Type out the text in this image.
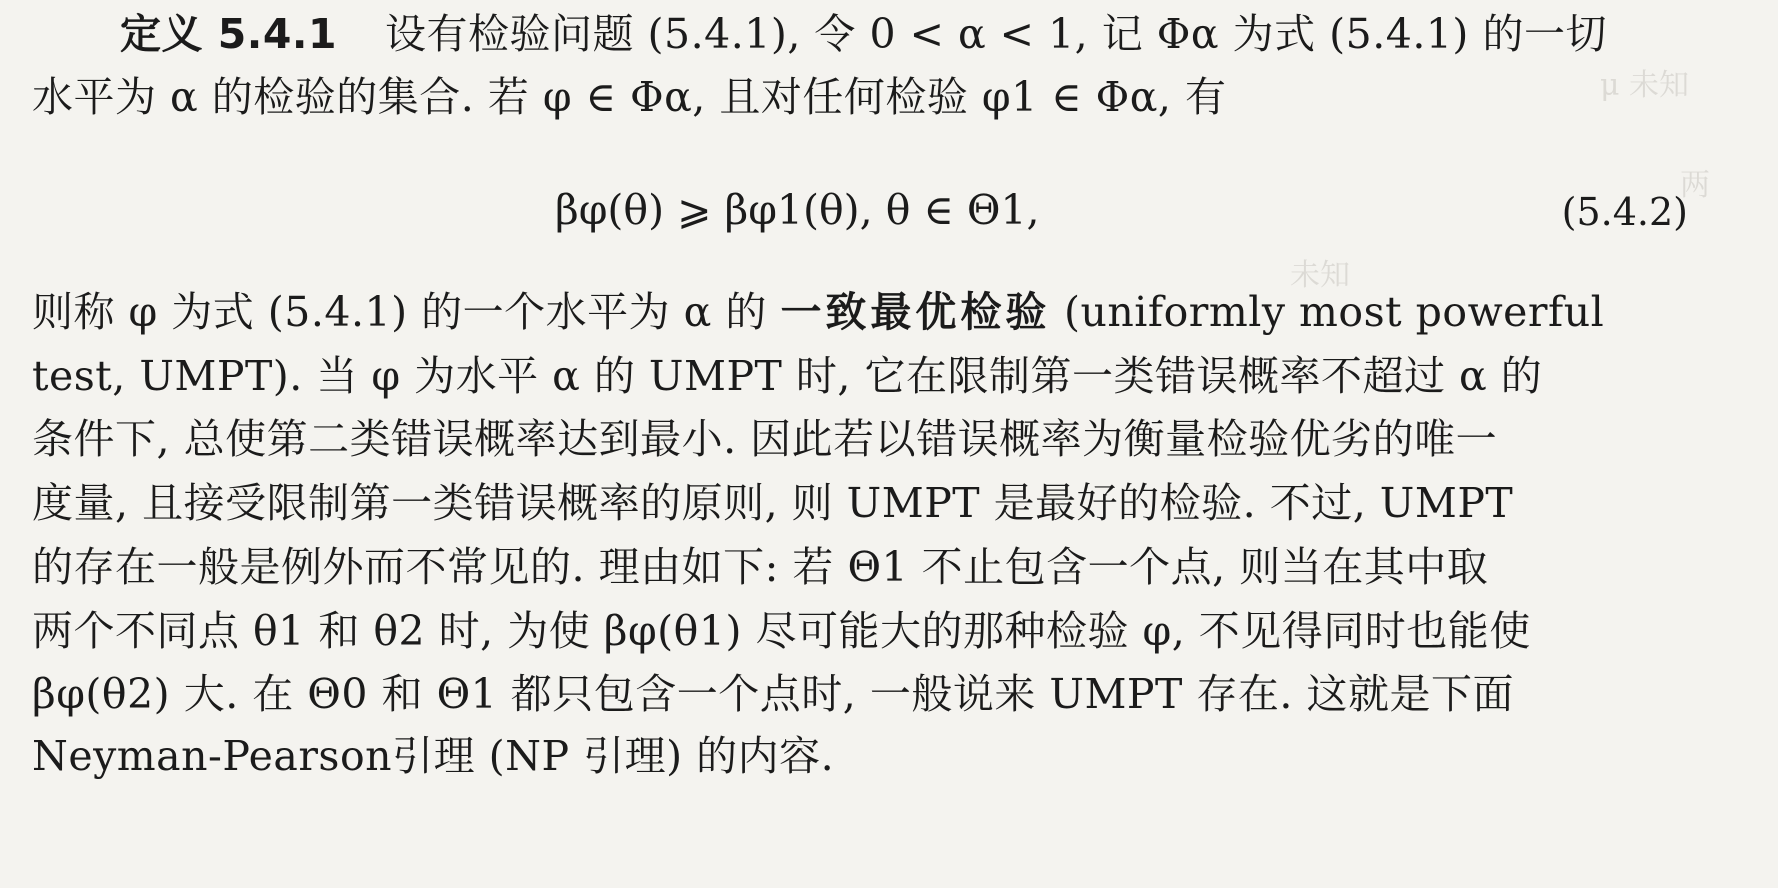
μ 未知
未知
两
定义 5.4.1 设有检验问题 (5.4.1), 令 0 < α < 1, 记 Φα 为式 (5.4.1) 的一切
水平为 α 的检验的集合. 若 φ ∈ Φα, 且对任何检验 φ1 ∈ Φα, 有
βφ(θ) ⩾ βφ1(θ), θ ∈ Θ1,	(5.4.2)
则称 φ 为式 (5.4.1) 的一个水平为 α 的 一致最优检验 (uniformly most powerful
test, UMPT). 当 φ 为水平 α 的 UMPT 时, 它在限制第一类错误概率不超过 α 的
条件下, 总使第二类错误概率达到最小. 因此若以错误概率为衡量检验优劣的唯一
度量, 且接受限制第一类错误概率的原则, 则 UMPT 是最好的检验. 不过, UMPT
的存在一般是例外而不常见的. 理由如下: 若 Θ1 不止包含一个点, 则当在其中取
两个不同点 θ1 和 θ2 时, 为使 βφ(θ1) 尽可能大的那种检验 φ, 不见得同时也能使
βφ(θ2) 大. 在 Θ0 和 Θ1 都只包含一个点时, 一般说来 UMPT 存在. 这就是下面
Neyman-Pearson引理 (NP 引理) 的内容.
